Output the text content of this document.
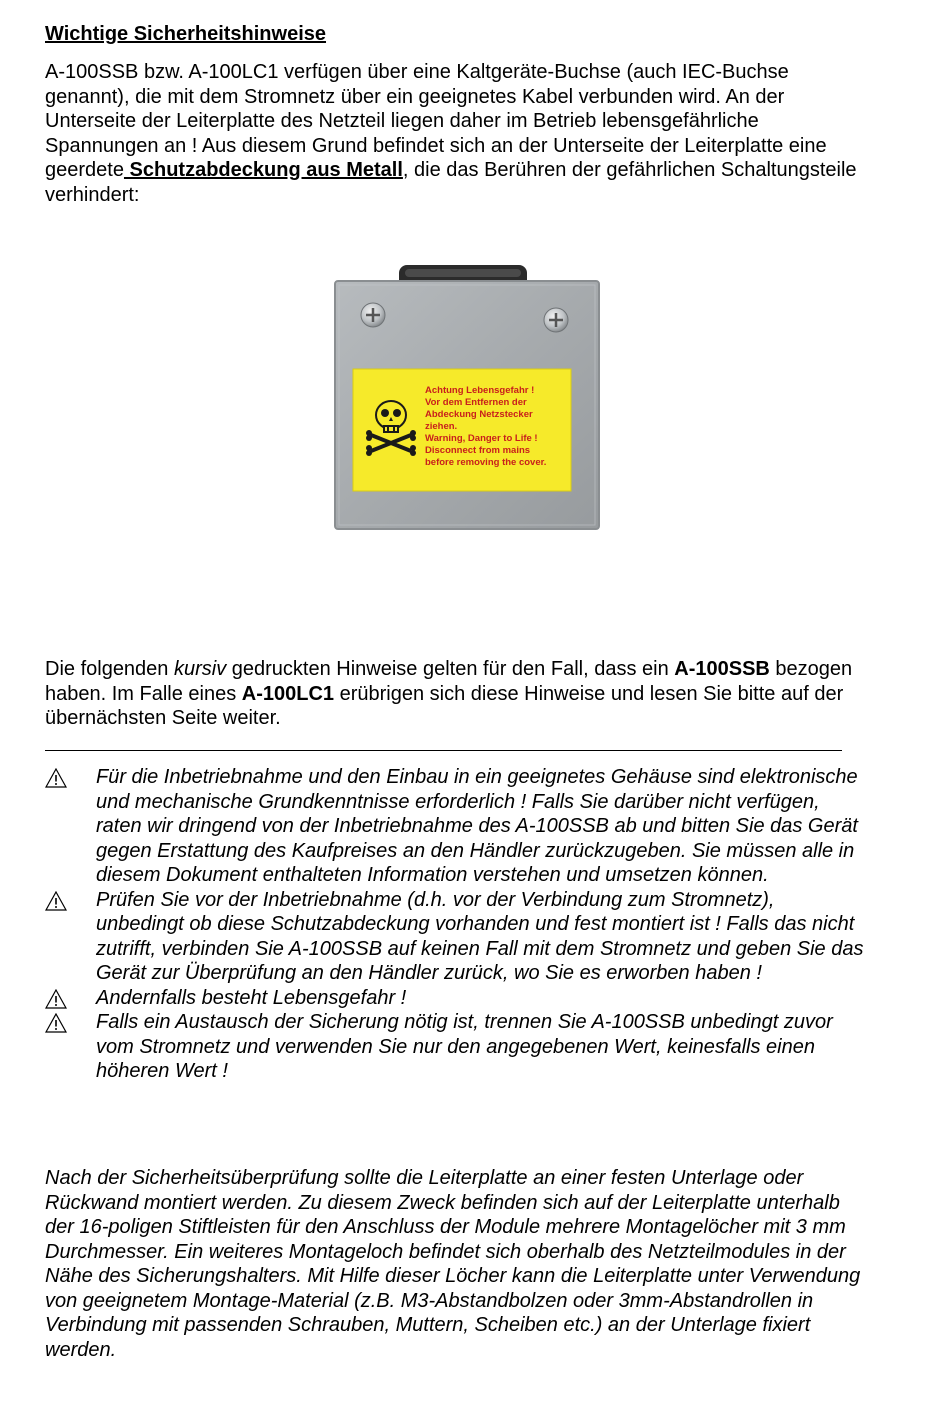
Wichtige Sicherheitshinweise

A-100SSB bzw. A-100LC1 verfügen über eine Kaltgeräte-Buchse (auch IEC-Buchse genannt), die mit dem Stromnetz über ein geeignetes Kabel verbunden wird. An der Unterseite der Leiterplatte des Netzteil liegen daher im Betrieb lebensgefährliche Spannungen an ! Aus diesem Grund befindet sich an der Unterseite der Leiterplatte eine geerdete Schutzabdeckung aus Metall, die das Berühren der gefährlichen Schaltungsteile verhindert:

Achtung Lebensgefahr !
Vor dem Entfernen der
Abdeckung Netzstecker
ziehen.
Warning, Danger to Life !
Disconnect from mains
before removing the cover.

Die folgenden kursiv gedruckten Hinweise gelten für den Fall, dass ein A-100SSB bezogen haben. Im Falle eines A-100LC1 erübrigen sich diese Hinweise und lesen Sie bitte auf der übernächsten Seite weiter.

Für die Inbetriebnahme und den Einbau in ein geeignetes Gehäuse sind elektronische und mechanische Grundkenntnisse erforderlich ! Falls Sie darüber nicht verfügen, raten wir dringend von der Inbetriebnahme des A-100SSB ab und bitten Sie das Gerät gegen Erstattung des Kaufpreises an den Händler zurückzugeben. Sie müssen alle in diesem Dokument enthalteten Information verstehen und umsetzen können.
Prüfen Sie vor der Inbetriebnahme (d.h. vor der Verbindung zum Stromnetz), unbedingt ob diese Schutzabdeckung vorhanden und fest montiert ist ! Falls das nicht zutrifft, verbinden Sie A-100SSB auf keinen Fall mit dem Stromnetz und geben Sie das Gerät zur Überprüfung an den Händler zurück, wo Sie es erworben haben !
Andernfalls besteht Lebensgefahr !
Falls ein Austausch der Sicherung nötig ist, trennen Sie A-100SSB unbedingt zuvor vom Stromnetz und verwenden Sie nur den angegebenen Wert, keinesfalls einen höheren Wert !

Nach der Sicherheitsüberprüfung sollte die Leiterplatte an einer festen Unterlage oder Rückwand montiert werden. Zu diesem Zweck befinden sich auf der Leiterplatte unterhalb der 16-poligen Stiftleisten für den Anschluss der Module mehrere Montagelöcher mit 3 mm Durchmesser. Ein weiteres Montageloch befindet sich oberhalb des Netzteilmodules in der Nähe des Sicherungshalters. Mit Hilfe dieser Löcher kann die Leiterplatte unter Verwendung von geeignetem Montage-Material (z.B. M3-Abstandbolzen oder 3mm-Abstandrollen in Verbindung mit passenden Schrauben, Muttern, Scheiben etc.) an der Unterlage fixiert werden.
